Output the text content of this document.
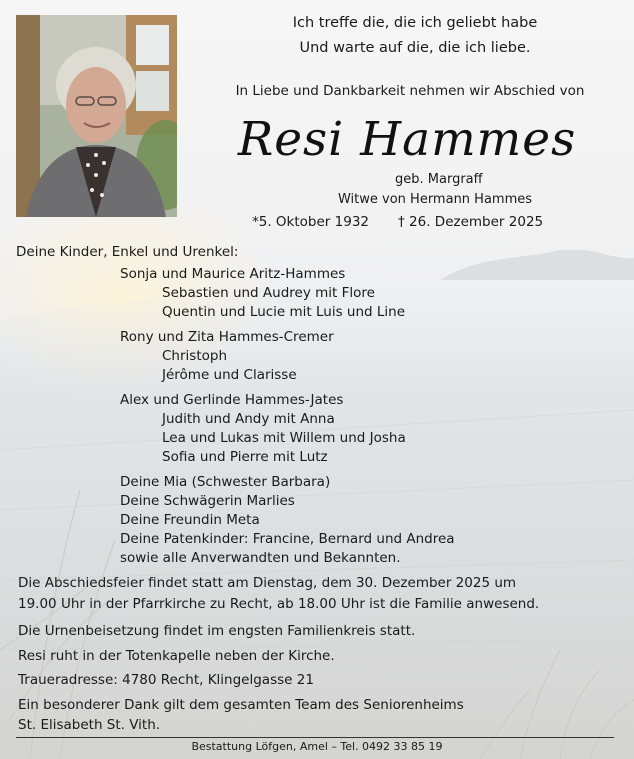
Ich treffe die, die ich geliebt habe
Und warte auf die, die ich liebe.
In Liebe und Dankbarkeit nehmen wir Abschied von
Resi Hammes
geb. Margraff
Witwe von Hermann Hammes
*5. Oktober 1932 † 26. Dezember 2025
Deine Kinder, Enkel und Urenkel:
Sonja und Maurice Aritz-Hammes
Sebastien und Audrey mit Flore
Quentin und Lucie mit Luis und Line
Rony und Zita Hammes-Cremer
Christoph
Jérôme und Clarisse
Alex und Gerlinde Hammes-Jates
Judith und Andy mit Anna
Lea und Lukas mit Willem und Josha
Sofia und Pierre mit Lutz
Deine Mia (Schwester Barbara)
Deine Schwägerin Marlies
Deine Freundin Meta
Deine Patenkinder: Francine, Bernard und Andrea
sowie alle Anverwandten und Bekannten.
Die Abschiedsfeier findet statt am Dienstag, dem 30. Dezember 2025 um
19.00 Uhr in der Pfarrkirche zu Recht, ab 18.00 Uhr ist die Familie anwesend.
Die Urnenbeisetzung findet im engsten Familienkreis statt.
Resi ruht in der Totenkapelle neben der Kirche.
Traueradresse: 4780 Recht, Klingelgasse 21
Ein besonderer Dank gilt dem gesamten Team des Seniorenheims
St. Elisabeth St. Vith.
Bestattung Löfgen, Amel – Tel. 0492 33 85 19
